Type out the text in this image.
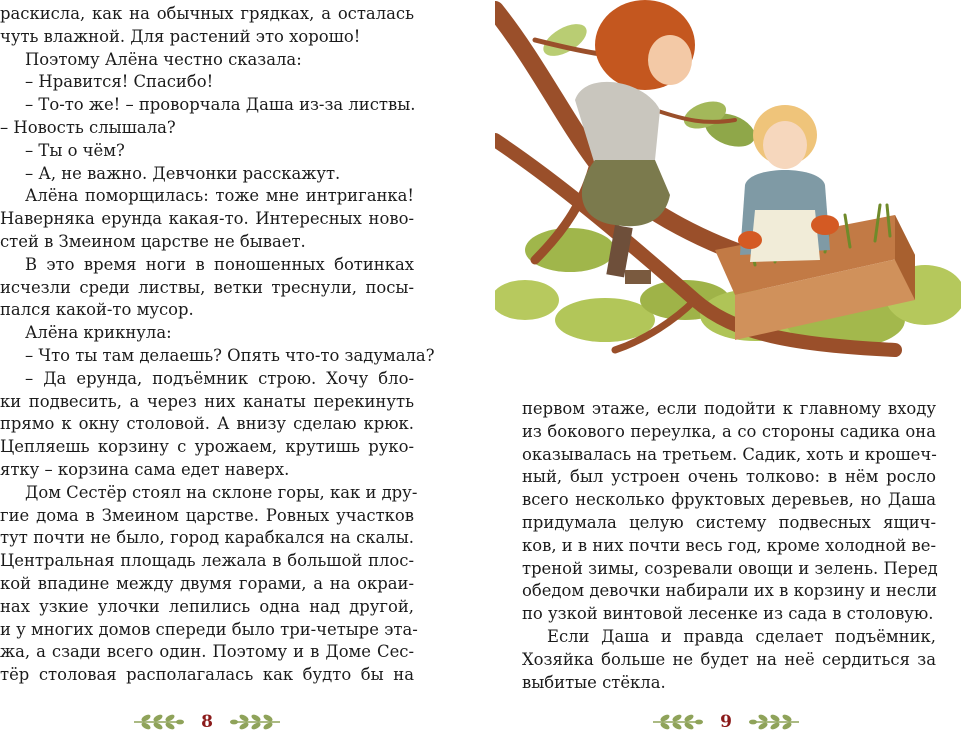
раскисла, как на обычных грядках, а осталась
чуть влажной. Для растений это хорошо!
Поэтому Алёна честно сказала:
– Нравится! Спасибо!
– То-то же! – проворчала Даша из-за листвы.
– Новость слышала?
– Ты о чём?
– А, не важно. Девчонки расскажут.
Алёна поморщилась: тоже мне интриганка!
Наверняка ерунда какая-то. Интересных ново-
стей в Змеином царстве не бывает.
В это время ноги в поношенных ботинках
исчезли среди листвы, ветки треснули, посы-
пался какой-то мусор.
Алёна крикнула:
– Что ты там делаешь? Опять что-то задумала?
– Да ерунда, подъёмник строю. Хочу бло-
ки подвесить, а через них канаты перекинуть
прямо к окну столовой. А внизу сделаю крюк.
Цепляешь корзину с урожаем, крутишь руко-
ятку – корзина сама едет наверх.
Дом Сестёр стоял на склоне горы, как и дру-
гие дома в Змеином царстве. Ровных участков
тут почти не было, город карабкался на скалы.
Центральная площадь лежала в большой плос-
кой впадине между двумя горами, а на окраи-
нах узкие улочки лепились одна над другой,
и у многих домов спереди было три-четыре эта-
жа, а сзади всего один. Поэтому и в Доме Сес-
тёр столовая располагалась как будто бы на
8
первом этаже, если подойти к главному входу
из бокового переулка, а со стороны садика она
оказывалась на третьем. Садик, хоть и крошеч-
ный, был устроен очень толково: в нём росло
всего несколько фруктовых деревьев, но Даша
придумала целую систему подвесных ящич-
ков, и в них почти весь год, кроме холодной ве-
треной зимы, созревали овощи и зелень. Перед
обедом девочки набирали их в корзину и несли
по узкой винтовой лесенке из сада в столовую.
Если Даша и правда сделает подъёмник,
Хозяйка больше не будет на неё сердиться за
выбитые стёкла.
9
